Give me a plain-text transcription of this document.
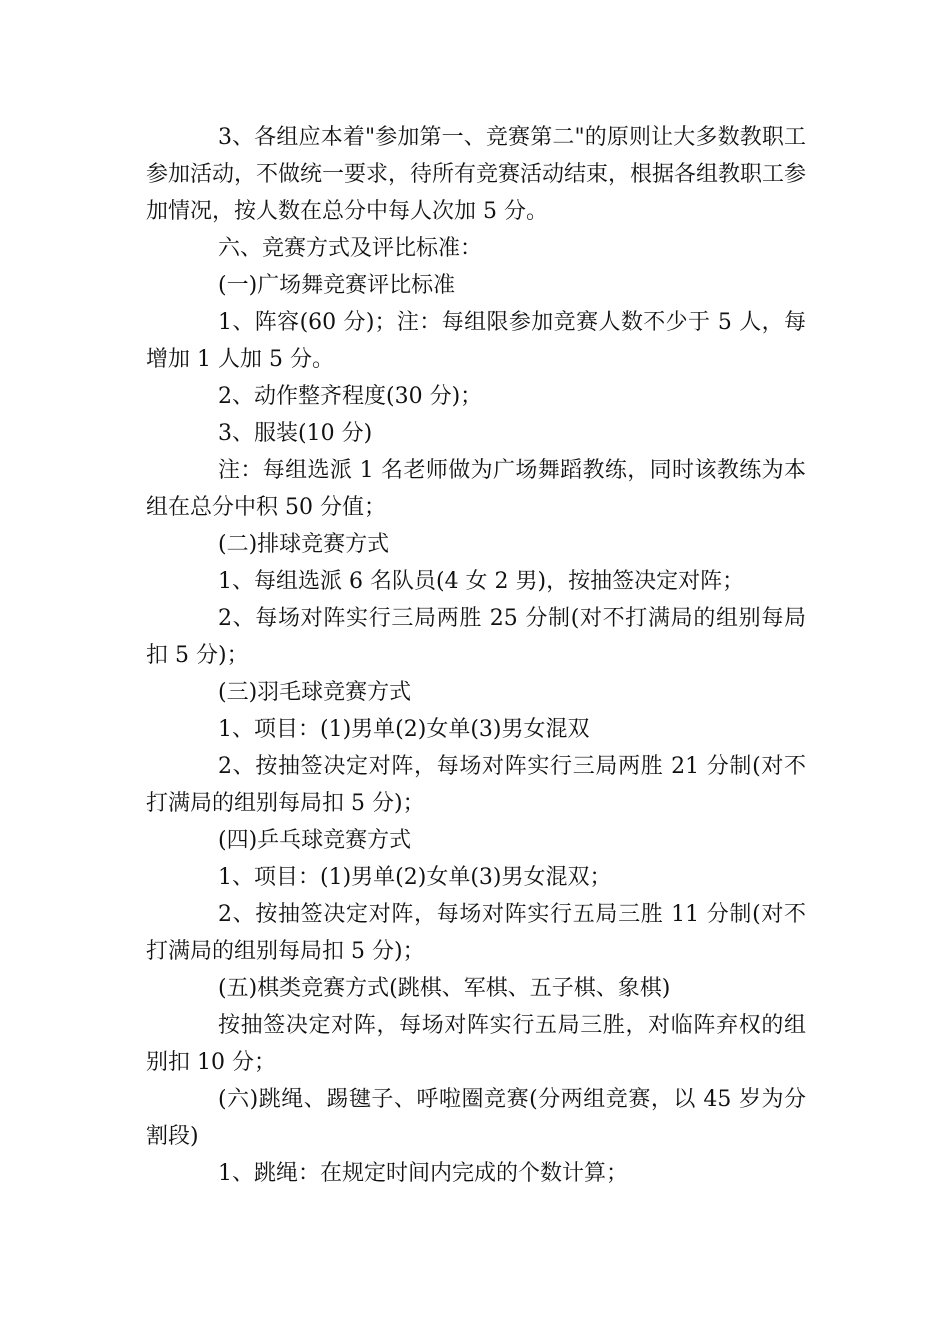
3、各组应本着"参加第一、竞赛第二"的原则让大多数教职工参加活动，不做统一要求，待所有竞赛活动结束，根据各组教职工参加情况，按人数在总分中每人次加 5 分。

六、竞赛方式及评比标准：

(一)广场舞竞赛评比标准

1、阵容(60 分)；注：每组限参加竞赛人数不少于 5 人，每增加 1 人加 5 分。

2、动作整齐程度(30 分)；

3、服装(10 分)

注：每组选派 1 名老师做为广场舞蹈教练，同时该教练为本组在总分中积 50 分值；

(二)排球竞赛方式

1、每组选派 6 名队员(4 女 2 男)，按抽签决定对阵；

2、每场对阵实行三局两胜 25 分制(对不打满局的组别每局扣 5 分)；

(三)羽毛球竞赛方式

1、项目：(1)男单(2)女单(3)男女混双

2、按抽签决定对阵，每场对阵实行三局两胜 21 分制(对不打满局的组别每局扣 5 分)；

(四)乒乓球竞赛方式

1、项目：(1)男单(2)女单(3)男女混双；

2、按抽签决定对阵，每场对阵实行五局三胜 11 分制(对不打满局的组别每局扣 5 分)；

(五)棋类竞赛方式(跳棋、军棋、五子棋、象棋)

按抽签决定对阵，每场对阵实行五局三胜，对临阵弃权的组别扣 10 分；

(六)跳绳、踢毽子、呼啦圈竞赛(分两组竞赛，以 45 岁为分割段)

1、跳绳：在规定时间内完成的个数计算；
